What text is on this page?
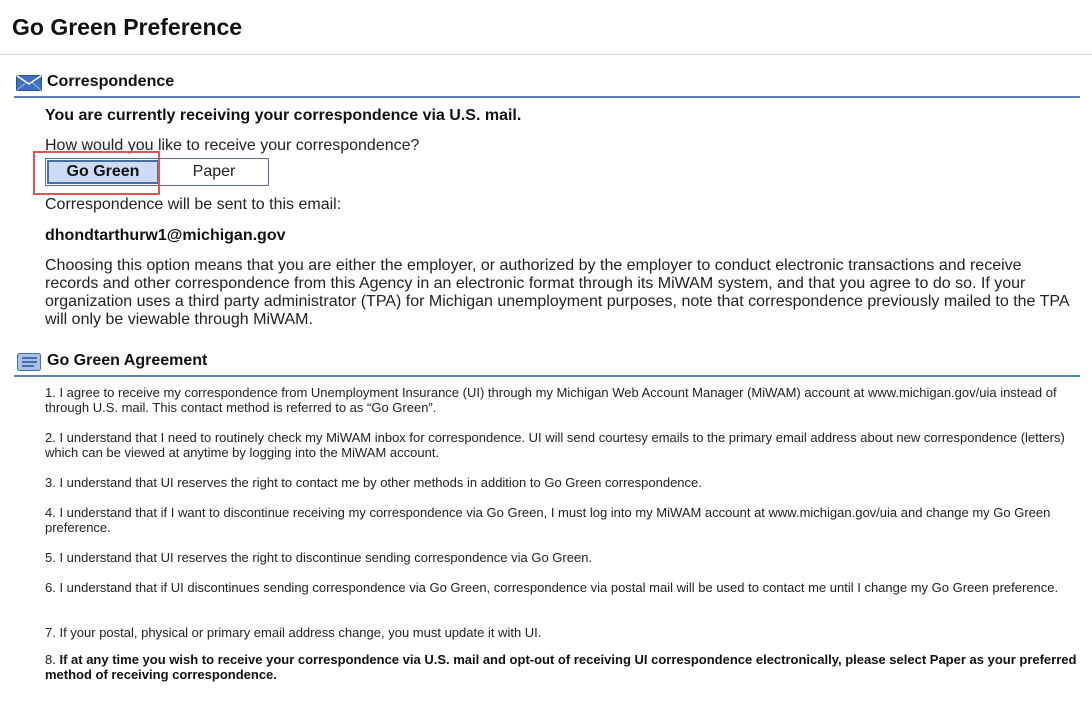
Go Green Preference
Correspondence
You are currently receiving your correspondence via U.S. mail.
How would you like to receive your correspondence?
Go Green	Paper
Correspondence will be sent to this email:
dhondtarthurw1@michigan.gov
Choosing this option means that you are either the employer, or authorized by the employer to conduct electronic transactions and receive records and other correspondence from this Agency in an electronic format through its MiWAM system, and that you agree to do so. If your organization uses a third party administrator (TPA) for Michigan unemployment purposes, note that correspondence previously mailed to the TPA will only be viewable through MiWAM.
Go Green Agreement
1. I agree to receive my correspondence from Unemployment Insurance (UI) through my Michigan Web Account Manager (MiWAM) account at www.michigan.gov/uia instead of through U.S. mail. This contact method is referred to as “Go Green”.
2. I understand that I need to routinely check my MiWAM inbox for correspondence. UI will send courtesy emails to the primary email address about new correspondence (letters) which can be viewed at anytime by logging into the MiWAM account.
3. I understand that UI reserves the right to contact me by other methods in addition to Go Green correspondence.
4. I understand that if I want to discontinue receiving my correspondence via Go Green, I must log into my MiWAM account at www.michigan.gov/uia and change my Go Green preference.
5. I understand that UI reserves the right to discontinue sending correspondence via Go Green.
6. I understand that if UI discontinues sending correspondence via Go Green, correspondence via postal mail will be used to contact me until I change my Go Green preference.
7. If your postal, physical or primary email address change, you must update it with UI.
8. If at any time you wish to receive your correspondence via U.S. mail and opt-out of receiving UI correspondence electronically, please select Paper as your preferred method of receiving correspondence.
